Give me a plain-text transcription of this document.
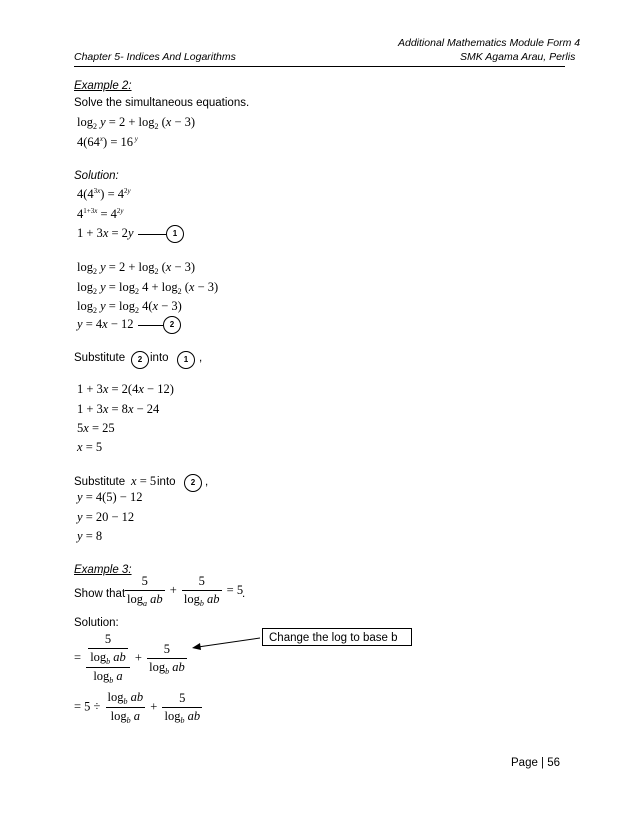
Additional Mathematics Module Form 4
Chapter 5- Indices And Logarithms	SMK Agama Arau, Perlis
Example 2:
Solve the simultaneous equations.
$\log_2 y = 2 + \log_2 (x - 3)$
$4(64^x) = 16$ $^y$
Solution:
$4(4^{3x}) = 4^{2y}$
$4^{1+3x} = 4^{2y}$
1 + 3x = 2y	1
$\log_2 y = 2 + \log_2 (x - 3)$
$\log_2 y = \log_2 4 + \log_2 (x - 3)$
$\log_2 y = \log_2 4(x - 3)$
y = 4x − 12	2
Substitute	2 into	1 ,
1 + 3x = 2(4x − 12)
1 + 3x = 8x − 24
5x = 25
x = 5
Substitute x = 5 into	2 ,
y = 4(5) − 12
y = 20 − 12
y = 8
Example 3:
Show that $\frac{5}{\log_a ab} + \frac{5}{\log_b ab} = 5$
.
Solution:
= $\frac{\frac{5}{\log_b ab}}{\log_b a} + \frac{5}{\log_b ab}$
= $5 \div \frac{\log_b ab}{\log_b a} + \frac{5}{\log_b ab}$
Change the log to base b
Page | 56
